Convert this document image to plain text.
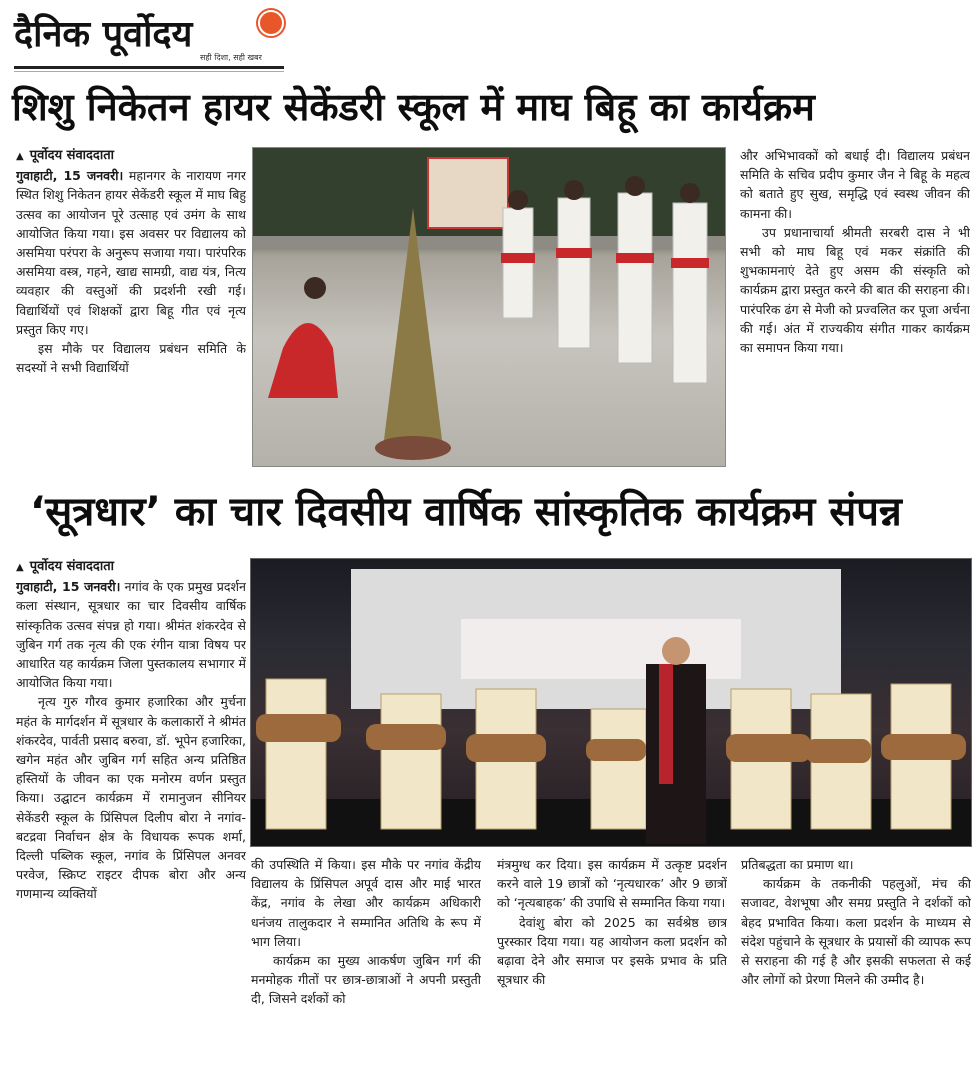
दैनिक पूर्वोदय
सही दिशा, सही खबर
शिशु निकेतन हायर सेकेंडरी स्कूल में माघ बिहू का कार्यक्रम
▲ पूर्वोदय संवाददाता

गुवाहाटी, 15 जनवरी। महानगर के नारायण नगर स्थित शिशु निकेतन हायर सेकेंडरी स्कूल में माघ बिहु उत्सव का आयोजन पूरे उत्साह एवं उमंग के साथ आयोजित किया गया। इस अवसर पर विद्यालय को असमिया परंपरा के अनुरूप सजाया गया। पारंपरिक असमिया वस्त्र, गहने, खाद्य सामग्री, वाद्य यंत्र, नित्य व्यवहार की वस्तुओं की प्रदर्शनी रखी गई। विद्यार्थियों एवं शिक्षकों द्वारा बिहू गीत एवं नृत्य प्रस्तुत किए गए।

इस मौके पर विद्यालय प्रबंधन समिति के सदस्यों ने सभी विद्यार्थियों

और अभिभावकों को बधाई दी। विद्यालय प्रबंधन समिति के सचिव प्रदीप कुमार जैन ने बिहू के महत्व को बताते हुए सुख, समृद्धि एवं स्वस्थ जीवन की कामना की।

उप प्रधानाचार्या श्रीमती सरबरी दास ने भी सभी को माघ बिहू एवं मकर संक्रांति की शुभकामनाएं देते हुए असम की संस्कृति को कार्यक्रम द्वारा प्रस्तुत करने की बात की सराहना की। पारंपरिक ढंग से मेजी को प्रज्वलित कर पूजा अर्चना की गई। अंत में राज्यकीय संगीत गाकर कार्यक्रम का समापन किया गया।

‘सूत्रधार’ का चार दिवसीय वार्षिक सांस्कृतिक कार्यक्रम संपन्न
▲ पूर्वोदय संवाददाता

गुवाहाटी, 15 जनवरी। नगांव के एक प्रमुख प्रदर्शन कला संस्थान, सूत्रधार का चार दिवसीय वार्षिक सांस्कृतिक उत्सव संपन्न हो गया। श्रीमंत शंकरदेव से जुबिन गर्ग तक नृत्य की एक रंगीन यात्रा विषय पर आधारित यह कार्यक्रम जिला पुस्तकालय सभागार में आयोजित किया गया।

नृत्य गुरु गौरव कुमार हजारिका और मुर्चना महंत के मार्गदर्शन में सूत्रधार के कलाकारों ने श्रीमंत शंकरदेव, पार्वती प्रसाद बरुवा, डॉ. भूपेन हजारिका, खगेन महंत और जुबिन गर्ग सहित अन्य प्रतिष्ठित हस्तियों के जीवन का एक मनोरम वर्णन प्रस्तुत किया। उद्घाटन कार्यक्रम में रामानुजन सीनियर सेकेंडरी स्कूल के प्रिंसिपल दिलीप बोरा ने नगांव-बटद्रवा निर्वाचन क्षेत्र के विधायक रूपक शर्मा, दिल्ली पब्लिक स्कूल, नगांव के प्रिंसिपल अनवर परवेज, स्क्रिप्ट राइटर दीपक बोरा और अन्य गणमान्य व्यक्तियों

की उपस्थिति में किया। इस मौके पर नगांव केंद्रीय विद्यालय के प्रिंसिपल अपूर्व दास और माई भारत केंद्र, नगांव के लेखा और कार्यक्रम अधिकारी धनंजय तालुकदार ने सम्मानित अतिथि के रूप में भाग लिया।

कार्यक्रम का मुख्य आकर्षण जुबिन गर्ग की मनमोहक गीतों पर छात्र-छात्राओं ने अपनी प्रस्तुती दी, जिसने दर्शकों को

मंत्रमुग्ध कर दिया। इस कार्यक्रम में उत्कृष्ट प्रदर्शन करने वाले 19 छात्रों को ‘नृत्यधारक’ और 9 छात्रों को ‘नृत्यबाहक’ की उपाधि से सम्मानित किया गया।

देवांशु बोरा को 2025 का सर्वश्रेष्ठ छात्र पुरस्कार दिया गया। यह आयोजन कला प्रदर्शन को बढ़ावा देने और समाज पर इसके प्रभाव के प्रति सूत्रधार की

प्रतिबद्धता का प्रमाण था।

कार्यक्रम के तकनीकी पहलुओं, मंच की सजावट, वेशभूषा और समग्र प्रस्तुति ने दर्शकों को बेहद प्रभावित किया। कला प्रदर्शन के माध्यम से संदेश पहुंचाने के सूत्रधार के प्रयासों की व्यापक रूप से सराहना की गई है और इसकी सफलता से कई और लोगों को प्रेरणा मिलने की उम्मीद है।
